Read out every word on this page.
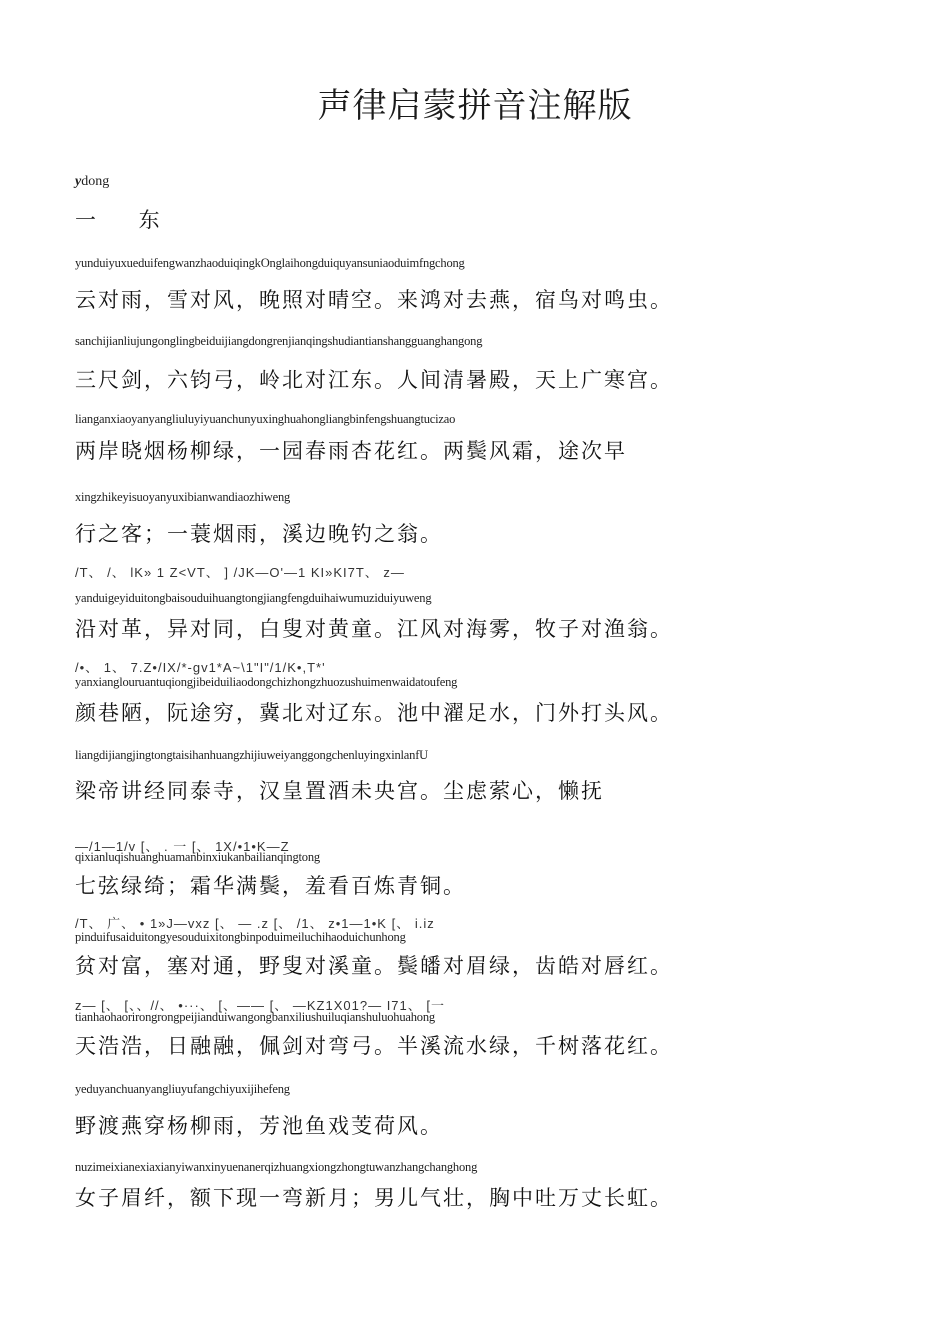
声律启蒙拼音注解版
ydong
一 东
yunduiyuxueduifengwanzhaoduiqingkOnglaihongduiquyansuniaoduimfngchong
云对雨，雪对风，晚照对晴空。来鸿对去燕，宿鸟对鸣虫。
sanchijianliujungonglingbeiduijiangdongrenjianqingshudiantianshangguanghangong
三尺剑，六钧弓，岭北对江东。人间清暑殿，天上广寒宫。
lianganxiaoyanyangliuluyiyuanchunyuxinghuahongliangbinfengshuangtucizao
两岸晓烟杨柳绿，一园春雨杏花红。两鬓风霜，途次早
xingzhikeyisuoyanyuxibianwandiaozhiweng
行之客；一蓑烟雨，溪边晚钓之翁。
/T、 /、 lK» 1 Z<VT、 ] /JK—O'—1 KI»KI7T、 z—
yanduigeyiduitongbaisouduihuangtongjiangfengduihaiwumuziduiyuweng
沿对革，异对同，白叟对黄童。江风对海雾，牧子对渔翁。
/•、 1、 7.Z•/IX/*-gv1*A~\1"I"/1/K•,T*'
yanxianglouruantuqiongjibeiduiliaodongchizhongzhuozushuimenwaidatoufeng
颜巷陋，阮途穷，冀北对辽东。池中濯足水，门外打头风。
liangdijiangjingtongtaisihanhuangzhijiuweiyanggongchenluyingxinlanfU
梁帝讲经同泰寺，汉皇置酒未央宫。尘虑萦心，懒抚
—/1—1/v [、 . 一 [、 1X/•1•K—Z
qixianluqishuanghuamanbinxiukanbailianqingtong
七弦绿绮；霜华满鬓，羞看百炼青铜。
/T、 广、 • 1»J—vxz [、 — .z [、 /1、 z•1—1•K [、 i.iz
pinduifusaiduitongyesouduixitongbinpoduimeiluchihaoduichunhong
贫对富，塞对通，野叟对溪童。鬓皤对眉绿，齿皓对唇红。
z— [、 [、、//、 •···、 [、—— [、 —KZ1X01?— I71、 [一
tianhaohaorirongrongpeijianduiwangongbanxiliushuiluqianshuluohuahong
天浩浩，日融融，佩剑对弯弓。半溪流水绿，千树落花红。
yeduyanchuanyangliuyufangchiyuxijihefeng
野渡燕穿杨柳雨，芳池鱼戏芰荷风。
nuzimeixianexiaxianyiwanxinyuenanerqizhuangxiongzhongtuwanzhangchanghong
女子眉纤，额下现一弯新月；男儿气壮，胸中吐万丈长虹。
